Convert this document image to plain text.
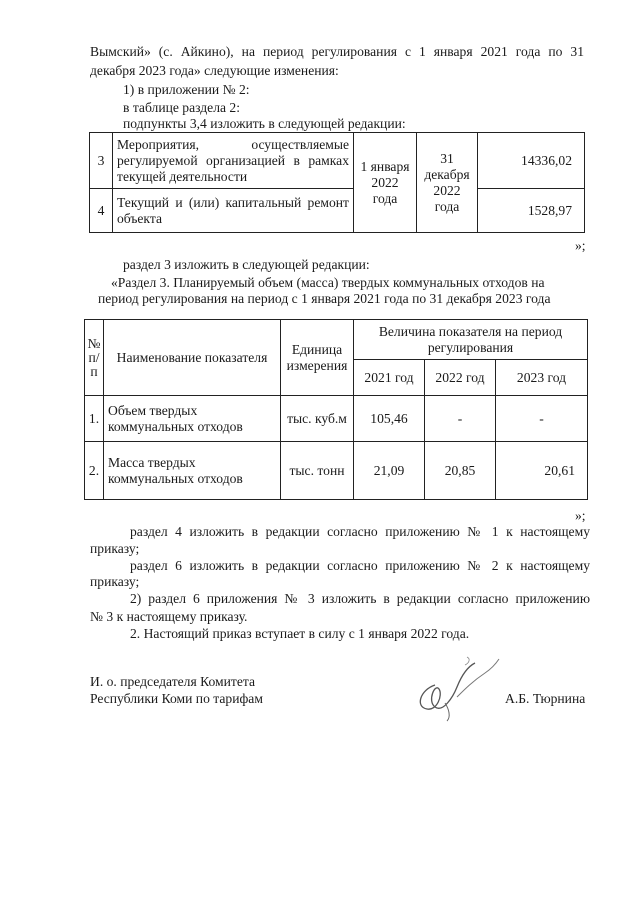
Вымский» (с. Айкино), на период регулирования с 1 января 2021 года по 31
декабря 2023 года» следующие изменения:
1) в приложении № 2:
в таблице раздела 2:
подпункты 3,4 изложить в следующей редакции:
3	Мероприятия, осуществляемые регулируемой организацией в рамках текущей деятельности	1 января 2022 года	31 декабря 2022 года	14336,02
4	Текущий и (или) капитальный ремонт объекта			1528,97
»;
раздел 3 изложить в следующей редакции:
«Раздел 3. Планируемый объем (масса) твердых коммунальных отходов на
период регулирования на период с 1 января 2021 года по 31 декабря 2023 года
№ п/п	Наименование показателя	Единица измерения	Величина показателя на период регулирования		
			2021 год	2022 год	2023 год
1.	Объем твердых коммунальных отходов	тыс. куб.м	105,46	-	-
2.	Масса твердых коммунальных отходов	тыс. тонн	21,09	20,85	20,61
»;
раздел 4 изложить в редакции согласно приложению № 1 к настоящему
приказу;
раздел 6 изложить в редакции согласно приложению № 2 к настоящему
приказу;
2) раздел 6 приложения № 3 изложить в редакции согласно приложению
№ 3 к настоящему приказу.
2. Настоящий приказ вступает в силу с 1 января 2022 года.
И. о. председателя Комитета
Республики Коми по тарифам	А.Б. Тюрнина
